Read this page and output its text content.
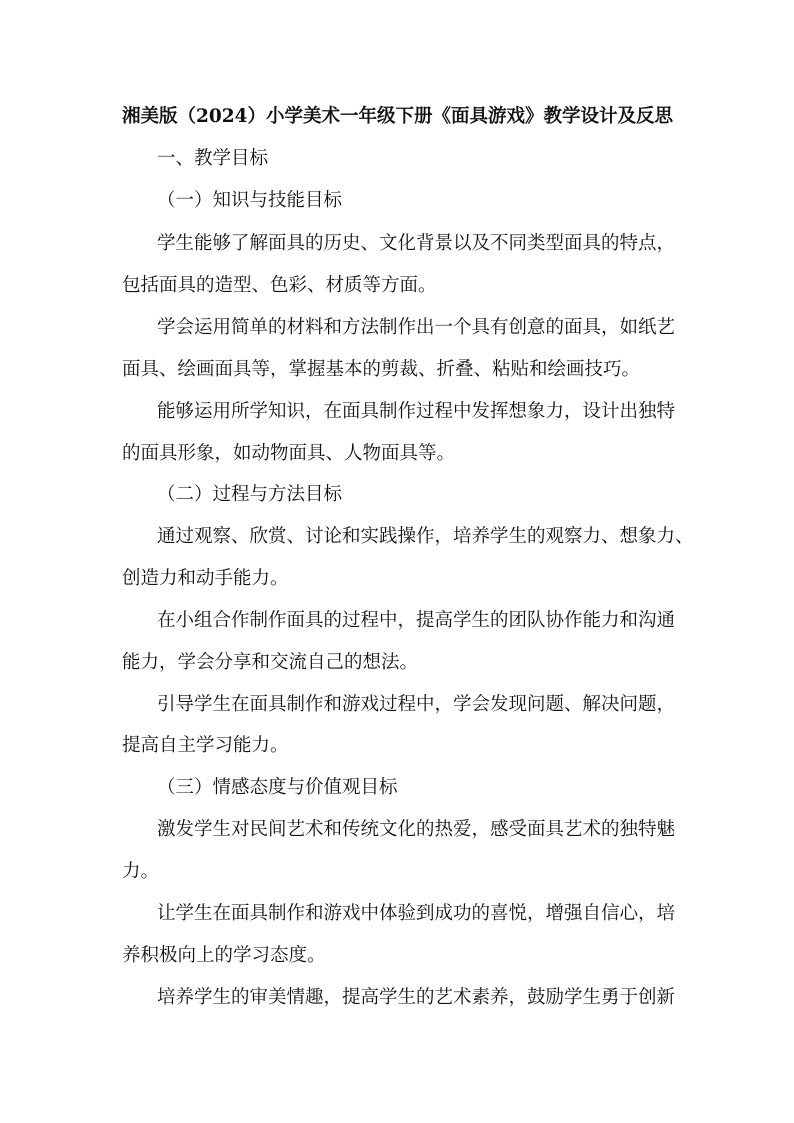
湘美版（2024）小学美术一年级下册《面具游戏》教学设计及反思
一、教学目标
（一）知识与技能目标
学生能够了解面具的历史、文化背景以及不同类型面具的特点，
包括面具的造型、色彩、材质等方面。
学会运用简单的材料和方法制作出一个具有创意的面具，如纸艺
面具、绘画面具等，掌握基本的剪裁、折叠、粘贴和绘画技巧。
能够运用所学知识，在面具制作过程中发挥想象力，设计出独特
的面具形象，如动物面具、人物面具等。
（二）过程与方法目标
通过观察、欣赏、讨论和实践操作，培养学生的观察力、想象力、
创造力和动手能力。
在小组合作制作面具的过程中，提高学生的团队协作能力和沟通
能力，学会分享和交流自己的想法。
引导学生在面具制作和游戏过程中，学会发现问题、解决问题，
提高自主学习能力。
（三）情感态度与价值观目标
激发学生对民间艺术和传统文化的热爱，感受面具艺术的独特魅
力。
让学生在面具制作和游戏中体验到成功的喜悦，增强自信心，培
养积极向上的学习态度。
培养学生的审美情趣，提高学生的艺术素养，鼓励学生勇于创新
